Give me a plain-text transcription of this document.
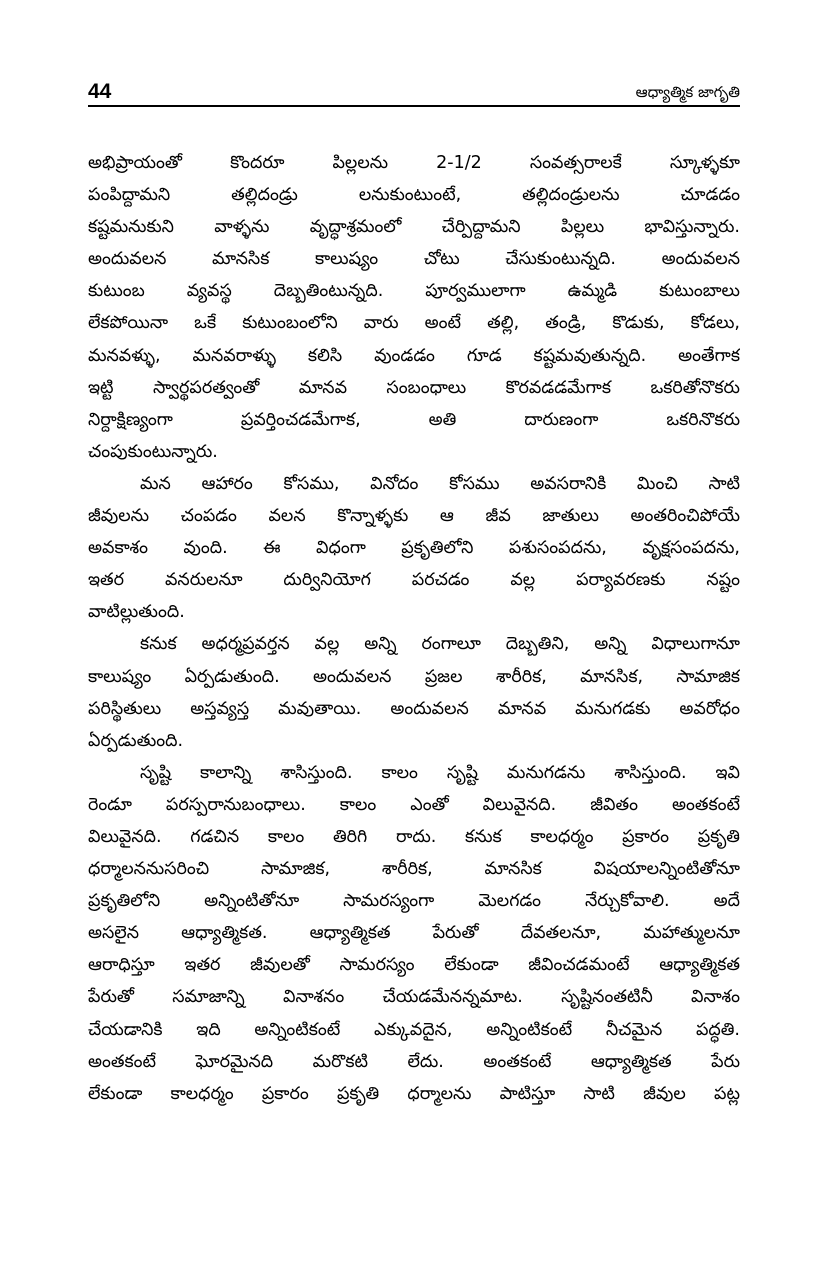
44	ఆధ్యాత్మిక జాగృతి
అభిప్రాయంతో కొందరూ పిల్లలను 2-1/2 సంవత్సరాలకే స్కూళ్ళకూ
పంపిద్దామని తల్లిదండ్రు లనుకుంటుంటే, తల్లిదండ్రులను చూడడం
కష్టమనుకుని వాళ్ళను వృద్ధాశ్రమంలో చేర్పిద్దామని పిల్లలు భావిస్తున్నారు.
అందువలన మానసిక కాలుష్యం చోటు చేసుకుంటున్నది. అందువలన
కుటుంబ వ్యవస్థ దెబ్బతింటున్నది. పూర్వములాగా ఉమ్మడి కుటుంబాలు
లేకపోయినా ఒకే కుటుంబంలోని వారు అంటే తల్లి, తండ్రి, కొడుకు, కోడలు,
మనవళ్ళు, మనవరాళ్ళు కలిసి వుండడం గూడ కష్టమవుతున్నది. అంతేగాక
ఇట్టి స్వార్థపరత్వంతో మానవ సంబంధాలు కొరవడడమేగాక ఒకరితోనొకరు
నిర్దాక్షిణ్యంగా ప్రవర్తించడమేగాక, అతి దారుణంగా ఒకరినొకరు
చంపుకుంటున్నారు.
మన ఆహారం కోసము, వినోదం కోసము అవసరానికి మించి సాటి
జీవులను చంపడం వలన కొన్నాళ్ళకు ఆ జీవ జాతులు అంతరించిపోయే
అవకాశం వుంది. ఈ విధంగా ప్రకృతిలోని పశుసంపదను, వృక్షసంపదను,
ఇతర వనరులనూ దుర్వినియోగ పరచడం వల్ల పర్యావరణకు నష్టం
వాటిల్లుతుంది.
కనుక అధర్మప్రవర్తన వల్ల అన్ని రంగాలూ దెబ్బతిని, అన్ని విధాలుగానూ
కాలుష్యం ఏర్పడుతుంది. అందువలన ప్రజల శారీరిక, మానసిక, సామాజిక
పరిస్థితులు అస్తవ్యస్త మవుతాయి. అందువలన మానవ మనుగడకు అవరోధం
ఏర్పడుతుంది.
సృష్టి కాలాన్ని శాసిస్తుంది. కాలం సృష్టి మనుగడను శాసిస్తుంది. ఇవి
రెండూ పరస్పరానుబంధాలు. కాలం ఎంతో విలువైనది. జీవితం అంతకంటే
విలువైనది. గడచిన కాలం తిరిగి రాదు. కనుక కాలధర్మం ప్రకారం ప్రకృతి
ధర్మాలననుసరించి సామాజిక, శారీరిక, మానసిక విషయాలన్నింటితోనూ
ప్రకృతిలోని అన్నింటితోనూ సామరస్యంగా మెలగడం నేర్చుకోవాలి. అదే
అసలైన ఆధ్యాత్మికత. ఆధ్యాత్మికత పేరుతో దేవతలనూ, మహాత్ములనూ
ఆరాధిస్తూ ఇతర జీవులతో సామరస్యం లేకుండా జీవించడమంటే ఆధ్యాత్మికత
పేరుతో సమాజాన్ని వినాశనం చేయడమేనన్నమాట. సృష్టినంతటినీ వినాశం
చేయడానికి ఇది అన్నింటికంటే ఎక్కువదైన, అన్నింటికంటే నీచమైన పద్ధతి.
అంతకంటే ఘోరమైనది మరొకటి లేదు. అంతకంటే ఆధ్యాత్మికత పేరు
లేకుండా కాలధర్మం ప్రకారం ప్రకృతి ధర్మాలను పాటిస్తూ సాటి జీవుల పట్ల
